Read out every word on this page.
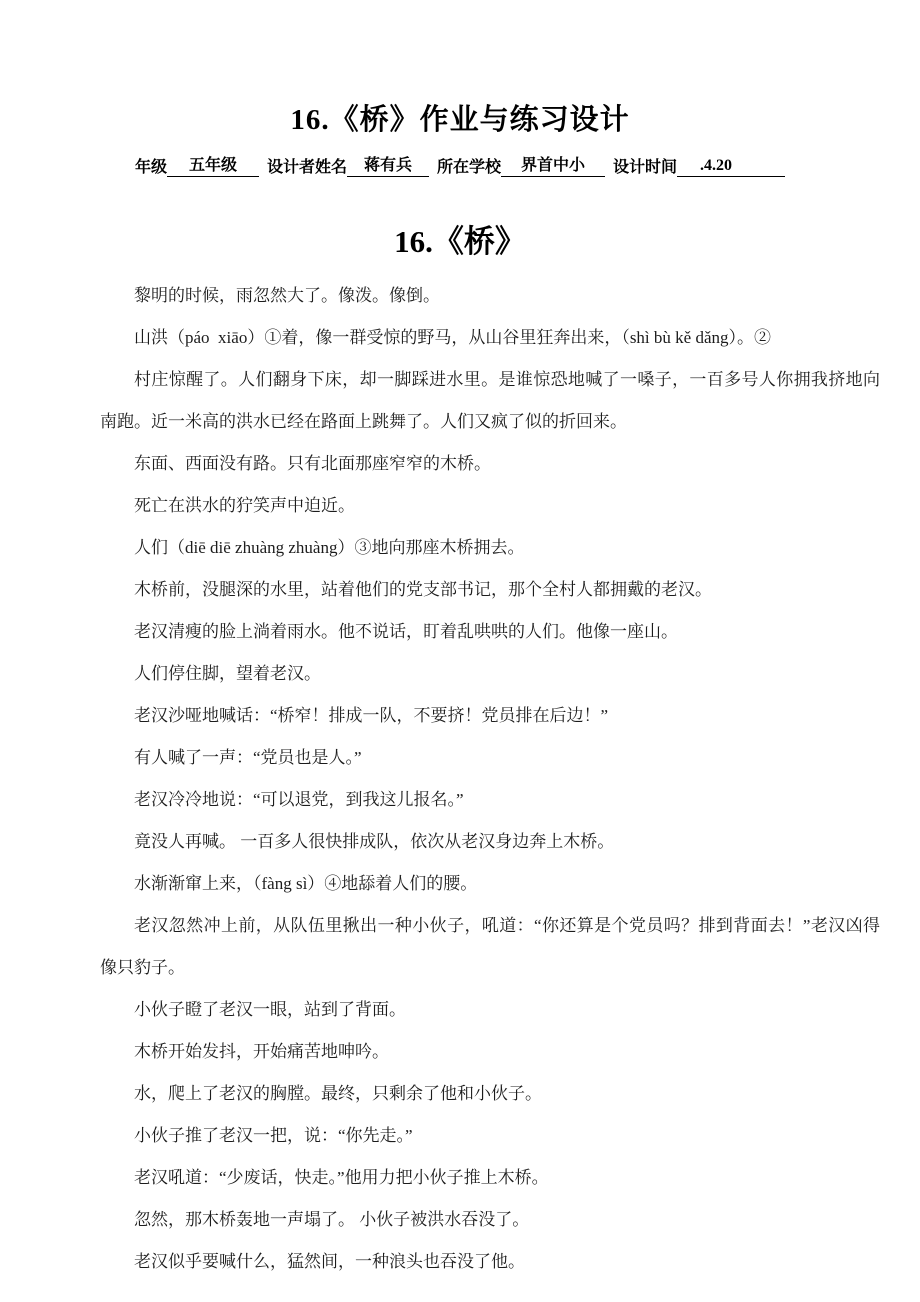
16.《桥》作业与练习设计
年级 五年级 设计者姓名 蒋有兵 所在学校 界首中小 设计时间 .4.20
16.《桥》

黎明的时候，雨忽然大了。像泼。像倒。

山洪（páo  xiāo）①着，像一群受惊的野马，从山谷里狂奔出来，（shì bù kě dǎng）。②

村庄惊醒了。人们翻身下床，却一脚踩进水里。是谁惊恐地喊了一嗓子，一百多号人你拥我挤地向南跑。近一米高的洪水已经在路面上跳舞了。人们又疯了似的折回来。

东面、西面没有路。只有北面那座窄窄的木桥。

死亡在洪水的狞笑声中迫近。

人们（diē diē zhuàng zhuàng）③地向那座木桥拥去。

木桥前，没腿深的水里，站着他们的党支部书记，那个全村人都拥戴的老汉。

老汉清瘦的脸上淌着雨水。他不说话，盯着乱哄哄的人们。他像一座山。

人们停住脚，望着老汉。

老汉沙哑地喊话：“桥窄！排成一队，不要挤！党员排在后边！”

有人喊了一声：“党员也是人。”

老汉冷冷地说：“可以退党，到我这儿报名。”

竟没人再喊。 一百多人很快排成队，依次从老汉身边奔上木桥。

水渐渐窜上来，（fàng sì）④地舔着人们的腰。

老汉忽然冲上前，从队伍里揪出一种小伙子，吼道：“你还算是个党员吗？排到背面去！”老汉凶得像只豹子。

小伙子瞪了老汉一眼，站到了背面。

木桥开始发抖，开始痛苦地呻吟。

水，爬上了老汉的胸膛。最终，只剩余了他和小伙子。

小伙子推了老汉一把，说：“你先走。”

老汉吼道：“少废话，快走。”他用力把小伙子推上木桥。

忽然，那木桥轰地一声塌了。 小伙子被洪水吞没了。

老汉似乎要喊什么，猛然间，一种浪头也吞没了他。
